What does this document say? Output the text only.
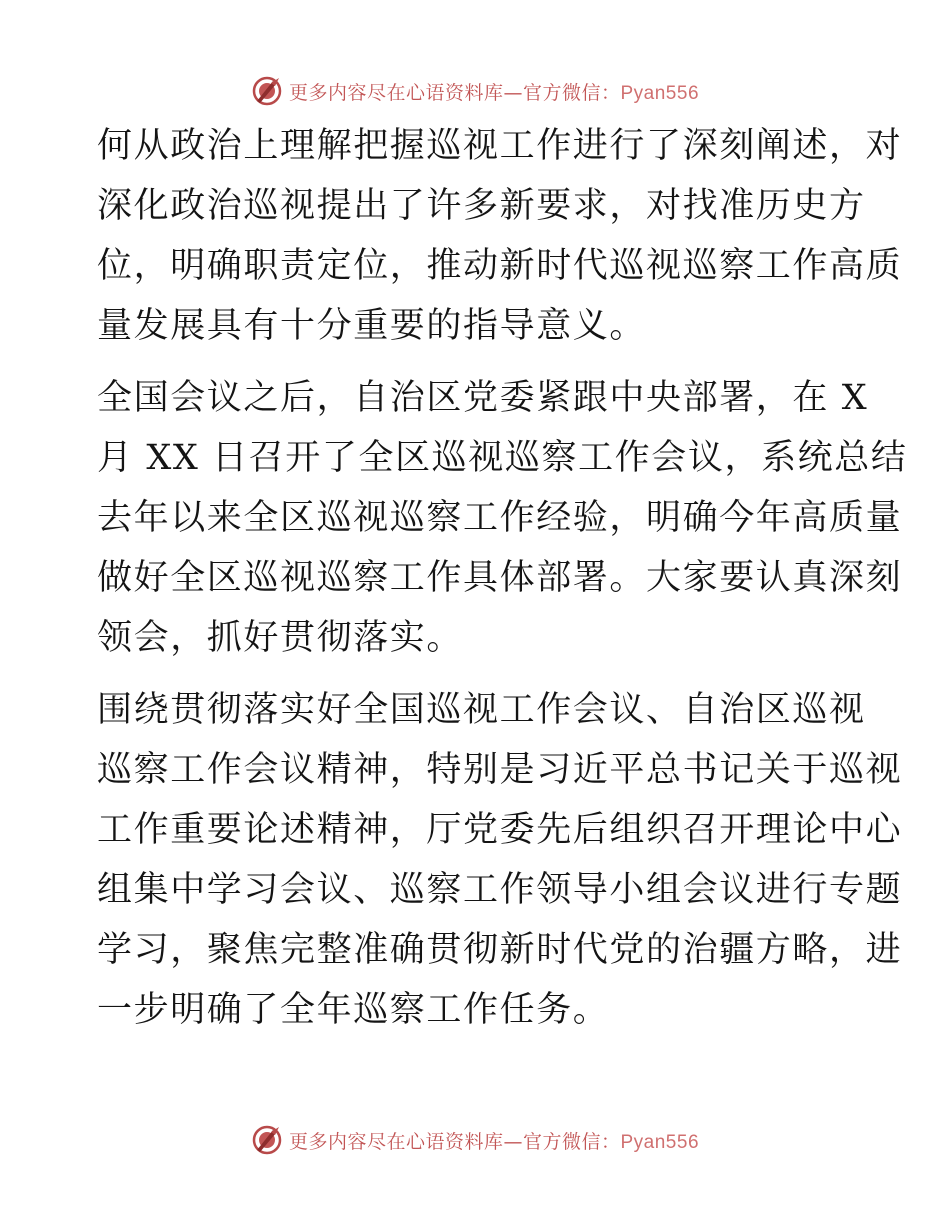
更多内容尽在心语资料库—官方微信：Pyan556
何从政治上理解把握巡视工作进行了深刻阐述，对
深化政治巡视提出了许多新要求，对找准历史方
位，明确职责定位，推动新时代巡视巡察工作高质
量发展具有十分重要的指导意义。
全国会议之后，自治区党委紧跟中央部署，在 X
月 XX 日召开了全区巡视巡察工作会议，系统总结
去年以来全区巡视巡察工作经验，明确今年高质量
做好全区巡视巡察工作具体部署。大家要认真深刻
领会，抓好贯彻落实。
围绕贯彻落实好全国巡视工作会议、自治区巡视
巡察工作会议精神，特别是习近平总书记关于巡视
工作重要论述精神，厅党委先后组织召开理论中心
组集中学习会议、巡察工作领导小组会议进行专题
学习，聚焦完整准确贯彻新时代党的治疆方略，进
一步明确了全年巡察工作任务。
更多内容尽在心语资料库—官方微信：Pyan556
